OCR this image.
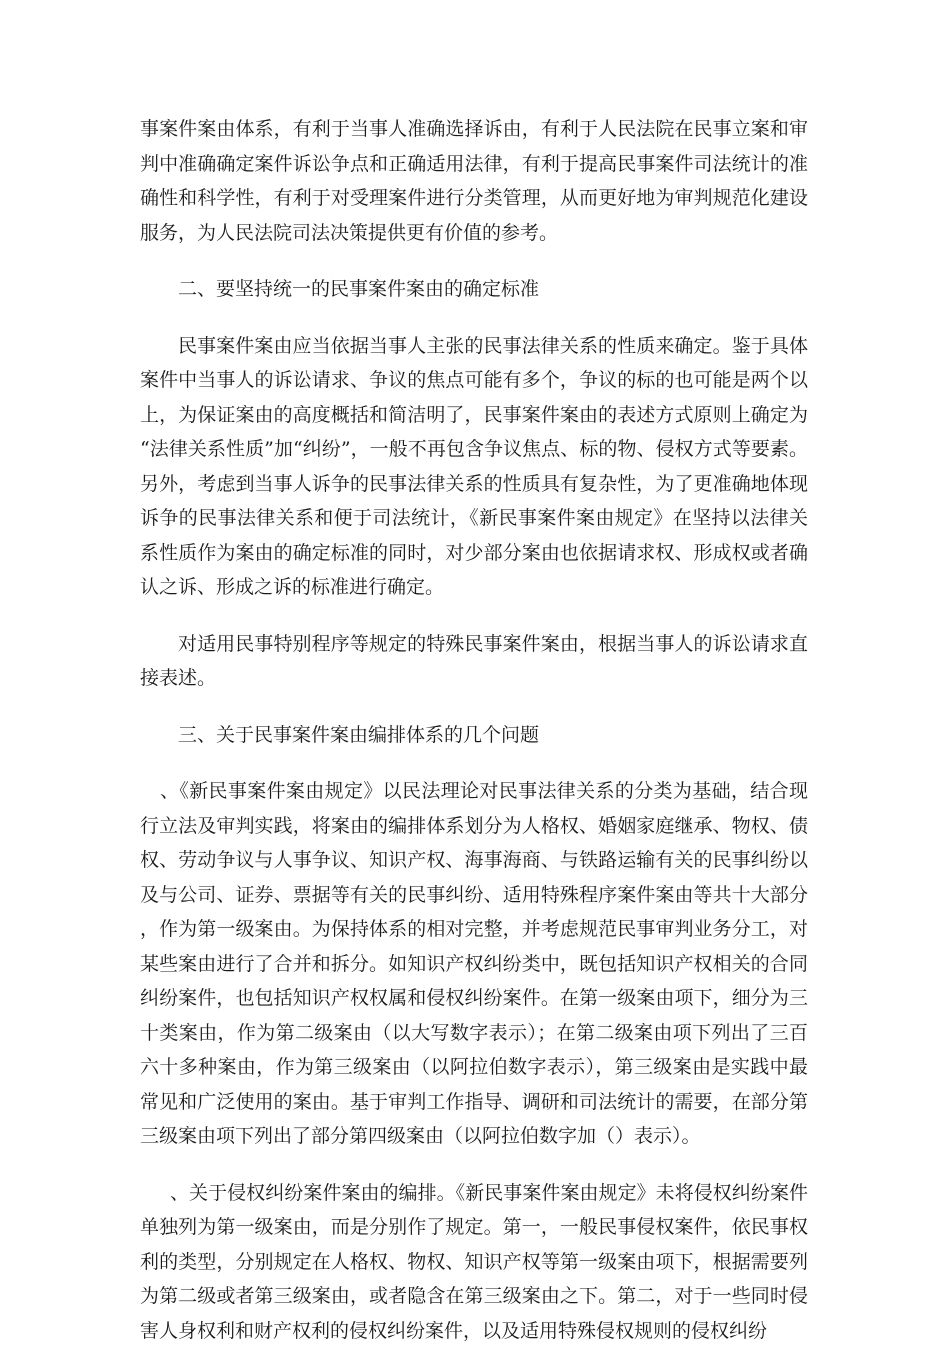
事案件案由体系，有利于当事人准确选择诉由，有利于人民法院在民事立案和审判中准确确定案件诉讼争点和正确适用法律，有利于提高民事案件司法统计的准确性和科学性，有利于对受理案件进行分类管理，从而更好地为审判规范化建设服务，为人民法院司法决策提供更有价值的参考。

二、要坚持统一的民事案件案由的确定标准

民事案件案由应当依据当事人主张的民事法律关系的性质来确定。鉴于具体案件中当事人的诉讼请求、争议的焦点可能有多个，争议的标的也可能是两个以上，为保证案由的高度概括和简洁明了，民事案件案由的表述方式原则上确定为“法律关系性质”加“纠纷”，一般不再包含争议焦点、标的物、侵权方式等要素。另外，考虑到当事人诉争的民事法律关系的性质具有复杂性，为了更准确地体现诉争的民事法律关系和便于司法统计，《新民事案件案由规定》在坚持以法律关系性质作为案由的确定标准的同时，对少部分案由也依据请求权、形成权或者确认之诉、形成之诉的标准进行确定。

对适用民事特别程序等规定的特殊民事案件案由，根据当事人的诉讼请求直接表述。

三、关于民事案件案由编排体系的几个问题

、《新民事案件案由规定》以民法理论对民事法律关系的分类为基础，结合现行立法及审判实践，将案由的编排体系划分为人格权、婚姻家庭继承、物权、债权、劳动争议与人事争议、知识产权、海事海商、与铁路运输有关的民事纠纷以及与公司、证券、票据等有关的民事纠纷、适用特殊程序案件案由等共十大部分，作为第一级案由。为保持体系的相对完整，并考虑规范民事审判业务分工，对某些案由进行了合并和拆分。如知识产权纠纷类中，既包括知识产权相关的合同纠纷案件，也包括知识产权权属和侵权纠纷案件。在第一级案由项下，细分为三十类案由，作为第二级案由（以大写数字表示）；在第二级案由项下列出了三百六十多种案由，作为第三级案由（以阿拉伯数字表示），第三级案由是实践中最常见和广泛使用的案由。基于审判工作指导、调研和司法统计的需要，在部分第三级案由项下列出了部分第四级案由（以阿拉伯数字加（）表示）。

、关于侵权纠纷案件案由的编排。《新民事案件案由规定》未将侵权纠纷案件单独列为第一级案由，而是分别作了规定。第一，一般民事侵权案件，依民事权利的类型，分别规定在人格权、物权、知识产权等第一级案由项下，根据需要列为第二级或者第三级案由，或者隐含在第三级案由之下。第二，对于一些同时侵害人身权利和财产权利的侵权纠纷案件，以及适用特殊侵权规则的侵权纠纷
